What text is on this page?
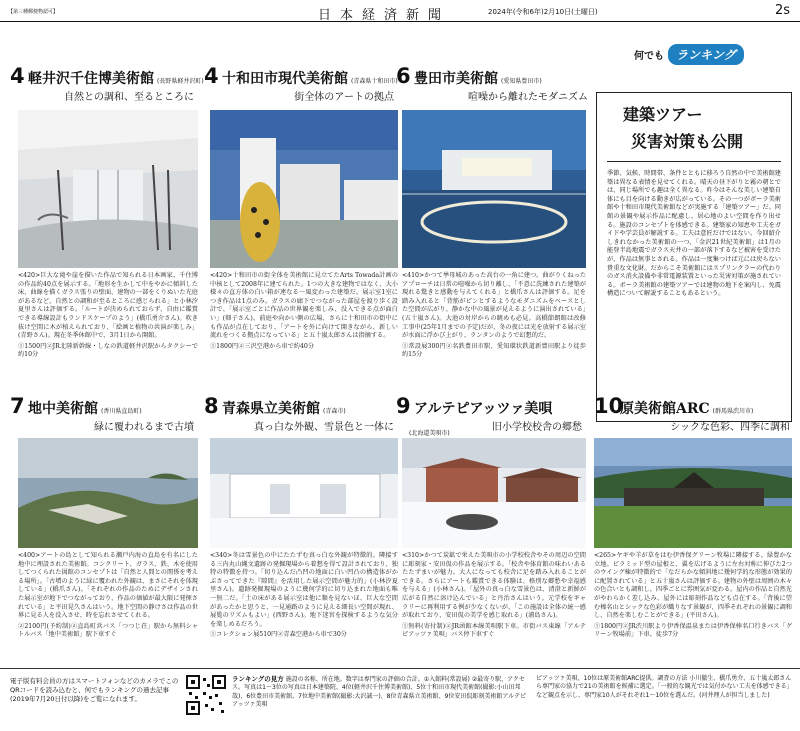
【第三種郵便物認可】	日本経済新聞	2024年(令和6年)2月10日(土曜日)	2s
何でも	ランキング
4 軽井沢千住博美術館 (長野県軽井沢町)
自然との調和、至るところに
<420>巨大な滝や崖を描いた作品で知られる日本画家、千住博の作品約40点を展示する。「地形を生かして中をやかに傾斜した床、曲線を描くガラス張りの壁面、建物の一部をくりぬいた光庭があるなど、自然との調和が至るところに感じられる」と小林汐夏里さんは評価する。「ルートが決められておらず、自由に鑑賞できる導線設計もランドスケープのよう」(橋爪勇介さん)。吹き抜け空間に木が植えられており、「絵画と植物の共演が楽しみ」(青野さん)。現在冬季休館中で、3月1日から開館。
①1500円②JR北陸新幹線・しなの鉄道軽井沢駅からタクシーで約10分
4 十和田市現代美術館 (青森県十和田市)
街全体のアートの拠点
<420>十和田市の街全体を美術館に見立てたArts Towada計画の中核として2008年に建てられた。1つの大きな建物ではなく、大小様々の直方体の白い箱が連なる一風変わった建築だ。展示室1室につき作品は1点のみ。ガラスの廊下でつながった部屋を渡り歩く設計で、「展示室ごとに作品の世界観を楽しみ、没入できる点が面白い」(畑子さん)。前庭や向かい側の広場、さらに十和田市の街中にも作品が点在しており、「アートを外に向けて開きながら、新しい流れをつくる拠点になっている」と五十嵐太郎さんは指摘する。
①1800円②三沢空港から車で約40分
6 豊田市美術館 (愛知県豊田市)
喧噪から離れたモダニズム
<410>かつて挙母城のあった高台の一角に建つ。曲がりくねったアプローチは日常の喧噪から切り離し、「不意に洗練された建築が現れる驚きと感動を与えてくれる」と橋爪さんは評価する。足を踏み入れると「背筋がピンとするようなモダニズムをベースとした空間が広がり、静かな中の風景が見えるように演出されている」(五十嵐さん)。大池の対岸からの眺めも必見。高橋節朗館は改修工事中(25年1月までの予定)だが、冬の夜には光を放射する展示室が水面に浮かび上がり、ランタンのようで幻想的だ。
①常設展300円②名鉄豊田市駅、愛知環状鉄道新豊田駅より徒歩約15分
建築ツアー
災害対策も公開
季節、気候、時間帯、条件とともに移ろう自然の中で美術館建築は異なる表情を見せてくれる。晴天の昼下がりと霧の朝とでは、同じ場所でも趣は全く異なる。昨今はそんな美しい建築自体にも目を向ける動きが広がっている。その一つがボーラ美術館や十和田市現代美術館などが実施する「建築ツアー」だ。同館の景観や展示作品に配慮し、居心地のよい空間を作り出せる。施設のコンセプトを体感できる。建築家の知恵や工夫をガイドや学芸員が解説する。工夫は意匠だけではない。今回紹介しきれなかった美術館の一つ、「金沢21世紀美術館」は1月の能登半島地震でガラス天井の一部が落下するなど被害を受けたが、作品は無事とされる。作品は一度集つけば元には戻らない貴重な文化財。だからこそ美術館にはスプリンクラーの代わりのガス消火設備や非常電源装置といった災害対策が施されている。ボーラ美術館の建築ツアーでは建物の地下を案内し、免震構造について解説することもあるという。
7 地中美術館 (香川県直島町)
緑に覆われるまで古墳
<400>アートの島として知られる瀬戸内海の直島を有名にした地中に埋設された美術館。コンクリート、ガラス、鉄、木を使用してつくられた図館のコンセプトは「自然と人間との関係を考える場所」。「古墳のように緑に覆われた外観は、まさにそれを体現している」(橋爪さん)。「それぞれの作品のためにデザインされた展示室が地下でつながっており、作品の価値が最大限に発揮されている」と平田晃久さんはいう。地下空間の静けさは作品の世界に見る人を没入させ、時を忘れさせてくれる。
②2100円(予約制)②直島町営バス「つつじ荘」駅から無料シャトルバス「地中美術館」駅下車すぐ
8 青森県立美術館 (青森市)
真っ白な外観、雪景色と一体に
<340>冬は雪景色の中にたたずむ真っ白な外観が特徴的。隣接する三内丸山縄文遺跡の発掘現場から着想を得て設計されており、独特の特徴を持つ。「切り込んだ凸凹の地面に白い凹凸の構造体がかぶさってできた『隙間』を活用した展示空間が魅力的」(小林汐夏里さん)。遺跡発掘現場のように幾何学的に切り込まれた地面も唯一無二だ。「土の床がある展示室は他に類を見ないほ、巨大な空間があったかと思うと、一見通路のように見える細長い空間が現れ、展覧のリズムもよい」(西野さん)。地下迷宮を探検するような気分を楽しめるだろう。
①コレクション展510円②青森空港から車で30分
9 アルテピアッツァ美唄
旧小学校校舎の郷愁
(北海道美唄市)
<310>かつて炭鉱で栄えた美唄市の小学校校舎やその周辺の空間に彫刻家・安田侃の作品を展示する。「校舎や体育館の味わいあるたたずまいが魅力。大人になっても校舎に足を踏み入れることができる。さらにアートも鑑賞できる体験は、格別な郷愁や幸福感を与える」(小林さん)。「屋外の真っ白な雪景色は、清澄と新鮮が広がる自然に溶け込んでいる」と丹治さんはいう。元学校をギャラリーに再利用する例が少なくないが、「この施設は全体の統一感が取れており、安田侃の美学を感じ取れる」(浦島さん)。
①無料(寄付制)②JR函館本線美唄駅下車。市街バス東線「アルテピアッツァ美唄」バス停下車すぐ
10
原美術館ARC (群馬県渋川市)
シックな色彩、四季に調和
<265>ヤギや羊が草をはむ伊香保グリーン牧場に隣接する。緑豊かな立地。ピラミッド型の屋根と、翼を広げるように左右対称に伸びた2つのウイング棟が特徴的で「なだらかな傾斜地に幾何学的な形態が効果的に配置されている」と五十嵐さんは評価する。建物の外壁は周囲の木々の色合いとも調和し、四季ごとに雰囲気が変わる。屋内の作品と自然光がやわらかく差し込み、屋外には彫刻作品なども点在する。「背後に望む榛名山とシックな色彩が織りなす景観が、四季それぞれの景観に調和し、自然を楽しむことができる」(平田さん)。
①1800円②JR渋川駅より伊香保温泉または伊香保棒名口行きバス「グリーン牧場前」下車、徒歩7分
電子版有料会員の方はスマートフォンなどのカメラでこのQRコードを読み込むと、何でもランキングの過去記事(2019年7月20日付以降)をご覧になれます。
ランキングの見方 施設の名称、所在地。数字は専門家の評価の合計。①入館料(常設展) ②最寄り駅、アクセス。写真は1〜3位の写真は日本建築院、4位(軽井沢千住博美術館)、5位十和田市現代美術館(撮影:小山田邦哉)、6位豊田市美術館、7位地中美術館(撮影:大沢誠一)、8位青森県立美術館、9位安田侃彫刻美術館アルテピアッツァ美唄
ピアッツァ美唄、10位は原美術館ARC提供。調査の方法 小川徹生、橋爪勇介、五十嵐太郎さんら専門家の協力で21の美術館を候補に選定。「一般的な観光では気付かない工夫を体感できる」など観点を示し、専門家10人がそれぞれ1〜10位を選んだ。(河井理人が担当しました)
